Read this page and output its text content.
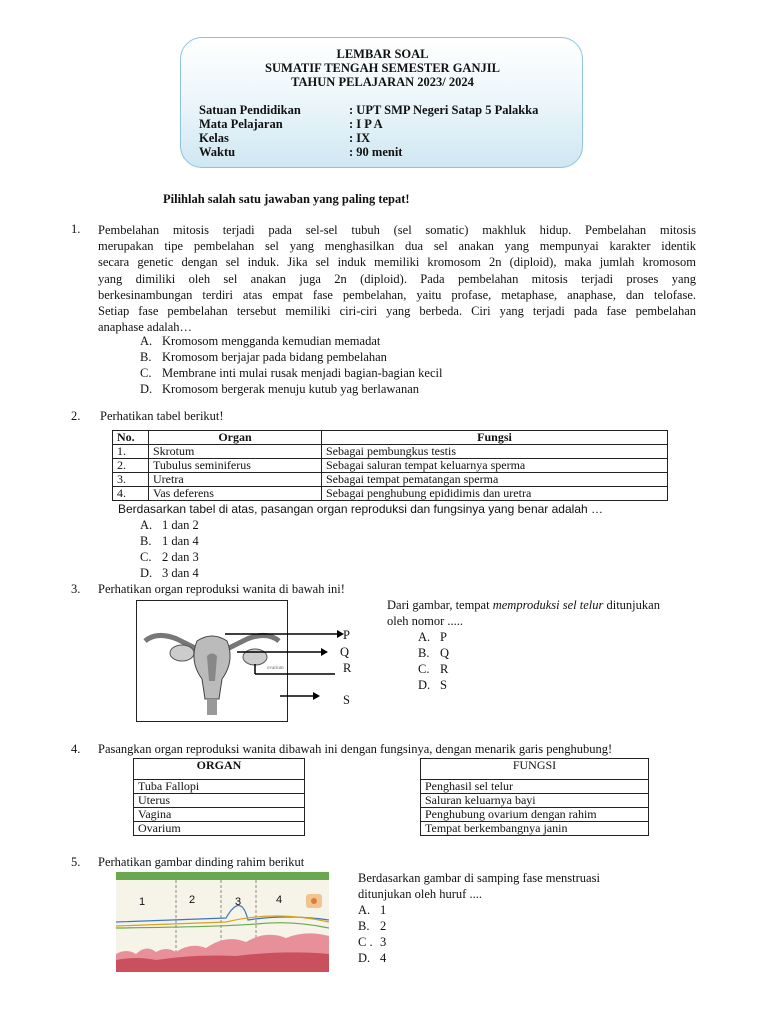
LEMBAR SOAL
SUMATIF TENGAH SEMESTER GANJIL
TAHUN PELAJARAN 2023/ 2024
Satuan Pendidikan	: UPT SMP Negeri Satap 5 Palakka
Mata Pelajaran	: I P A
Kelas	: IX
Waktu	: 90 menit
Pilihlah salah satu jawaban yang paling tepat!
1. Pembelahan mitosis terjadi pada sel-sel tubuh (sel somatic) makhluk hidup. Pembelahan mitosis
merupakan tipe pembelahan sel yang menghasilkan dua sel anakan yang mempunyai karakter identik
secara genetic dengan sel induk. Jika sel induk memiliki kromosom 2n (diploid), maka jumlah kromosom
yang dimiliki oleh sel anakan juga 2n (diploid). Pada pembelahan mitosis terjadi proses yang
berkesinambungan terdiri atas empat fase pembelahan, yaitu profase, metaphase, anaphase, dan telofase.
Setiap fase pembelahan tersebut memiliki ciri-ciri yang berbeda. Ciri yang terjadi pada fase pembelahan
anaphase adalah…
A. Kromosom mengganda kemudian memadat
B. Kromosom berjajar pada bidang pembelahan
C. Membrane inti mulai rusak menjadi bagian-bagian kecil
D. Kromosom bergerak menuju kutub yag berlawanan
2. Perhatikan tabel berikut!
No.	Organ	Fungsi
1.	Skrotum	Sebagai pembungkus testis
2.	Tubulus seminiferus	Sebagai saluran tempat keluarnya sperma
3.	Uretra	Sebagai tempat pematangan sperma
4.	Vas deferens	Sebagai penghubung epididimis dan uretra
Berdasarkan tabel di atas, pasangan organ reproduksi dan fungsinya yang benar adalah …
A. 1 dan 2
B. 1 dan 4
C. 2 dan 3
D. 3 dan 4
3. Perhatikan organ reproduksi wanita di bawah ini!
ovarium
P
Q
R
S
Dari gambar, tempat memproduksi sel telur ditunjukan
oleh nomor .....
A. P
B. Q
C. R
D. S
4. Pasangkan organ reproduksi wanita dibawah ini dengan fungsinya, dengan menarik garis penghubung!
ORGAN
Tuba Fallopi
Uterus
Vagina
Ovarium
FUNGSI
Penghasil sel telur
Saluran keluarnya bayi
Penghubung ovarium dengan rahim
Tempat berkembangnya janin
5. Perhatikan gambar dinding rahim berikut
1	2	3	4
Berdasarkan gambar di samping fase menstruasi
ditunjukan oleh huruf ....
A. 1
B. 2
C . 3
D. 4
